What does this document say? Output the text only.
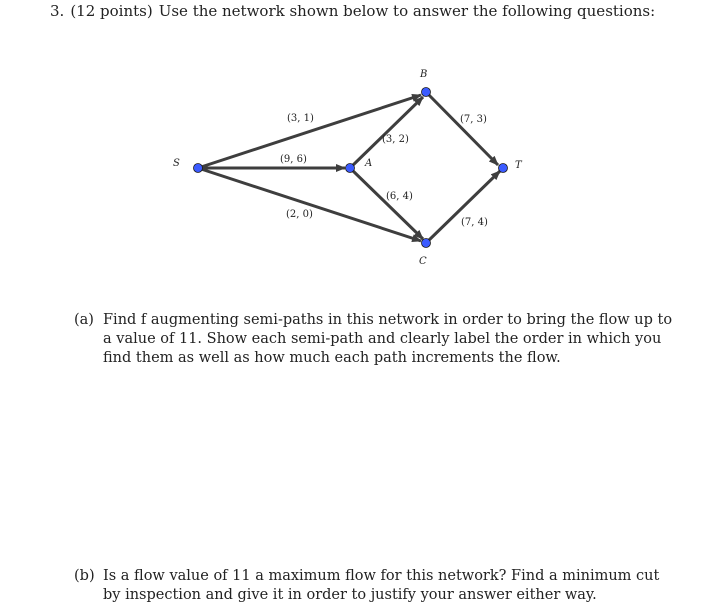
3. (12 points) Use the network shown below to answer the following questions:
S	A
B
C
T
(3, 1)
(9, 6)
(2, 0)
(3, 2)
(6, 4)
(7, 3)
(7, 4)
(a) Find f augmenting semi-paths in this network in order to bring the flow up to a value of 11. Show each semi-path and clearly label the order in which you find them as well as how much each path increments the flow.
(b) Is a flow value of 11 a maximum flow for this network? Find a minimum cut by inspection and give it in order to justify your answer either way.
